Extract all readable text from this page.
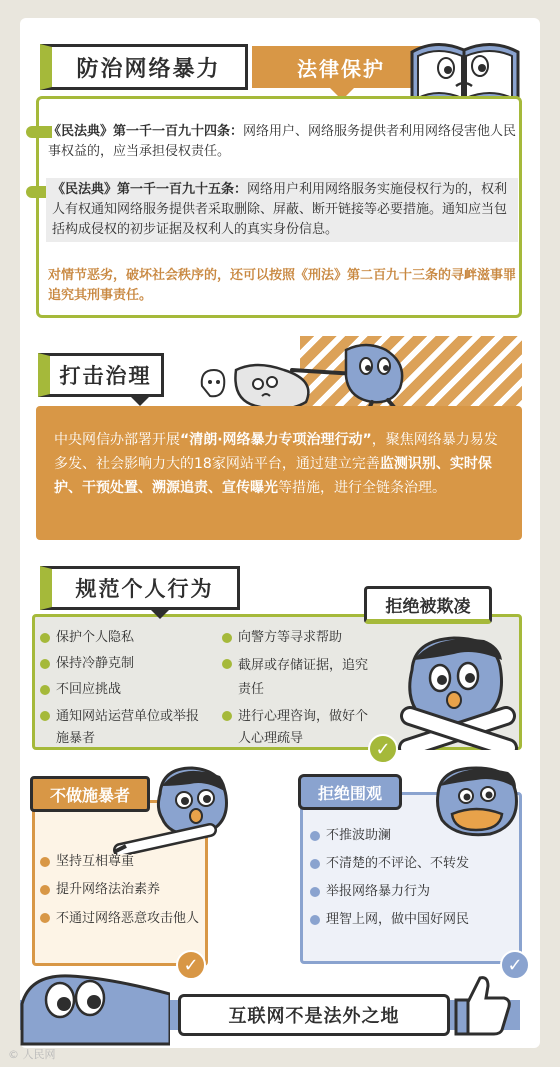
防治网络暴力	法律保护
《民法典》第一千一百九十四条：网络用户、网络服务提供者利用网络侵害他人民事权益的，应当承担侵权责任。
《民法典》第一千一百九十五条：网络用户利用网络服务实施侵权行为的，权利人有权通知网络服务提供者采取删除、屏蔽、断开链接等必要措施。通知应当包括构成侵权的初步证据及权利人的真实身份信息。
对情节恶劣，破坏社会秩序的，还可以按照《刑法》第二百九十三条的寻衅滋事罪追究其刑事责任。
打击治理
中央网信办部署开展“清朗·网络暴力专项治理行动”，聚焦网络暴力易发多发、社会影响力大的18家网站平台，通过建立完善监测识别、实时保护、干预处置、溯源追责、宣传曝光等措施，进行全链条治理。
规范个人行为
拒绝被欺凌
保护个人隐私
保持冷静克制
不回应挑战
通知网站运营单位或举报施暴者
向警方等寻求帮助
截屏或存储证据，追究责任
进行心理咨询，做好个人心理疏导	✓
不做施暴者
坚持互相尊重
提升网络法治素养
不通过网络恶意攻击他人
✓
拒绝围观
不推波助澜
不清楚的不评论、不转发
举报网络暴力行为
理智上网，做中国好网民
✓
互联网不是法外之地
© 人民网
